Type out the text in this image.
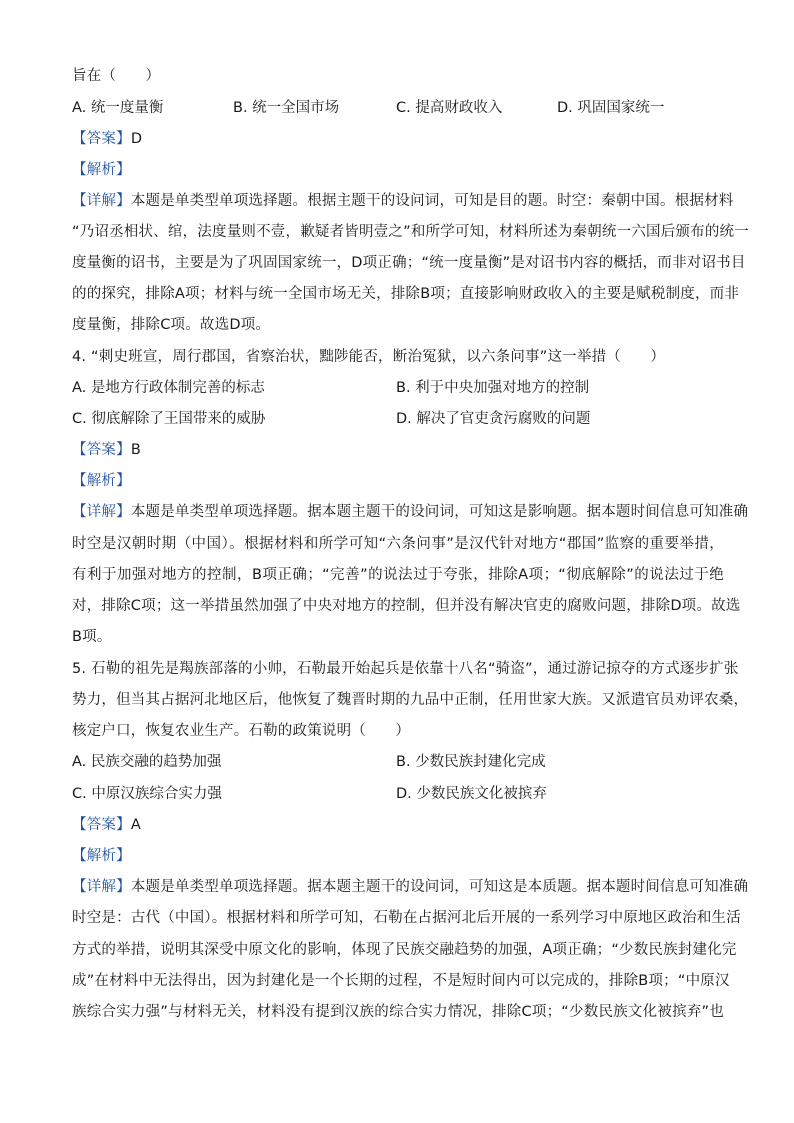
旨在（　　）
A. 统一度量衡	B. 统一全国市场	C. 提高财政收入	D. 巩固国家统一
【答案】D
【解析】
【详解】本题是单类型单项选择题。根据主题干的设问词，可知是目的题。时空：秦朝中国。根据材料
“乃诏丞相状、绾，法度量则不壹，歉疑者皆明壹之”和所学可知，材料所述为秦朝统一六国后颁布的统一
度量衡的诏书，主要是为了巩固国家统一，D项正确；“统一度量衡”是对诏书内容的概括，而非对诏书目
的的探究，排除A项；材料与统一全国市场无关，排除B项；直接影响财政收入的主要是赋税制度，而非
度量衡，排除C项。故选D项。
4. “刺史班宣，周行郡国，省察治状，黜陟能否，断治冤狱，以六条问事”这一举措（　　）
A. 是地方行政体制完善的标志	B. 利于中央加强对地方的控制
C. 彻底解除了王国带来的威胁	D. 解决了官吏贪污腐败的问题
【答案】B
【解析】
【详解】本题是单类型单项选择题。据本题主题干的设问词，可知这是影响题。据本题时间信息可知准确
时空是汉朝时期（中国）。根据材料和所学可知“六条问事”是汉代针对地方“郡国”监察的重要举措，
有利于加强对地方的控制，B项正确；“完善”的说法过于夸张，排除A项；“彻底解除”的说法过于绝
对，排除C项；这一举措虽然加强了中央对地方的控制，但并没有解决官吏的腐败问题，排除D项。故选
B项。
5. 石勒的祖先是羯族部落的小帅，石勒最开始起兵是依靠十八名“骑盗”，通过游记掠夺的方式逐步扩张
势力，但当其占据河北地区后，他恢复了魏晋时期的九品中正制，任用世家大族。又派遣官员劝评农桑，
核定户口，恢复农业生产。石勒的政策说明（　　）
A. 民族交融的趋势加强	B. 少数民族封建化完成
C. 中原汉族综合实力强	D. 少数民族文化被摈弃
【答案】A
【解析】
【详解】本题是单类型单项选择题。据本题主题干的设问词，可知这是本质题。据本题时间信息可知准确
时空是：古代（中国）。根据材料和所学可知，石勒在占据河北后开展的一系列学习中原地区政治和生活
方式的举措，说明其深受中原文化的影响，体现了民族交融趋势的加强，A项正确；“少数民族封建化完
成”在材料中无法得出，因为封建化是一个长期的过程，不是短时间内可以完成的，排除B项；“中原汉
族综合实力强”与材料无关，材料没有提到汉族的综合实力情况，排除C项；“少数民族文化被摈弃”也
